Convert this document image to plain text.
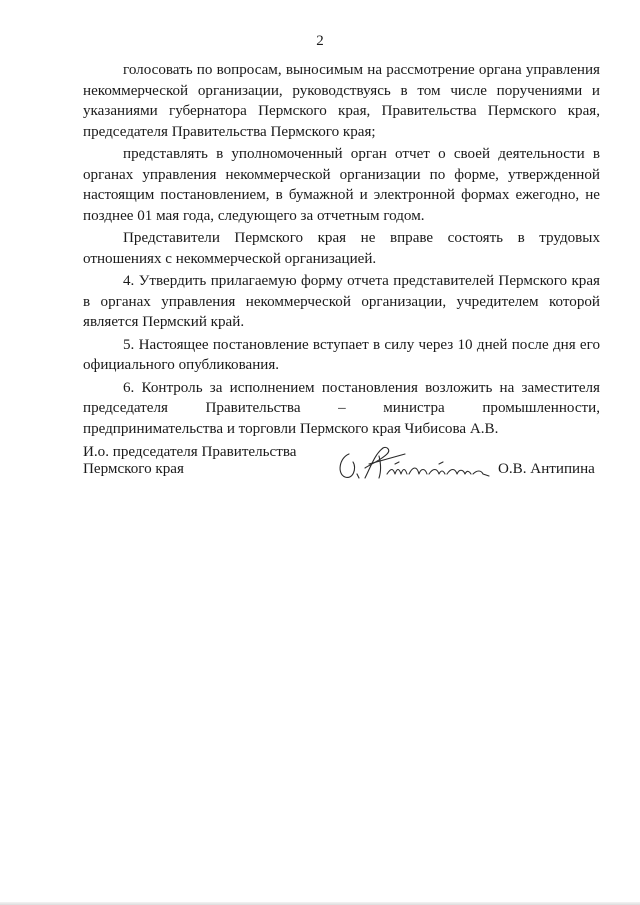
2

голосовать по вопросам, выносимым на рассмотрение органа управления некоммерческой организации, руководствуясь в том числе поручениями и указаниями губернатора Пермского края, Правительства Пермского края, председателя Правительства Пермского края;

представлять в уполномоченный орган отчет о своей деятельности в органах управления некоммерческой организации по форме, утвержденной настоящим постановлением, в бумажной и электронной формах ежегодно, не позднее 01 мая года, следующего за отчетным годом.

Представители Пермского края не вправе состоять в трудовых отношениях с некоммерческой организацией.

4. Утвердить прилагаемую форму отчета представителей Пермского края в органах управления некоммерческой организации, учредителем которой является Пермский край.

5. Настоящее постановление вступает в силу через 10 дней после дня его официального опубликования.

6. Контроль за исполнением постановления возложить на заместителя председателя Правительства – министра промышленности, предпринимательства и торговли Пермского края Чибисова А.В.

И.о. председателя Правительства
Пермского края	О.В. Антипина
